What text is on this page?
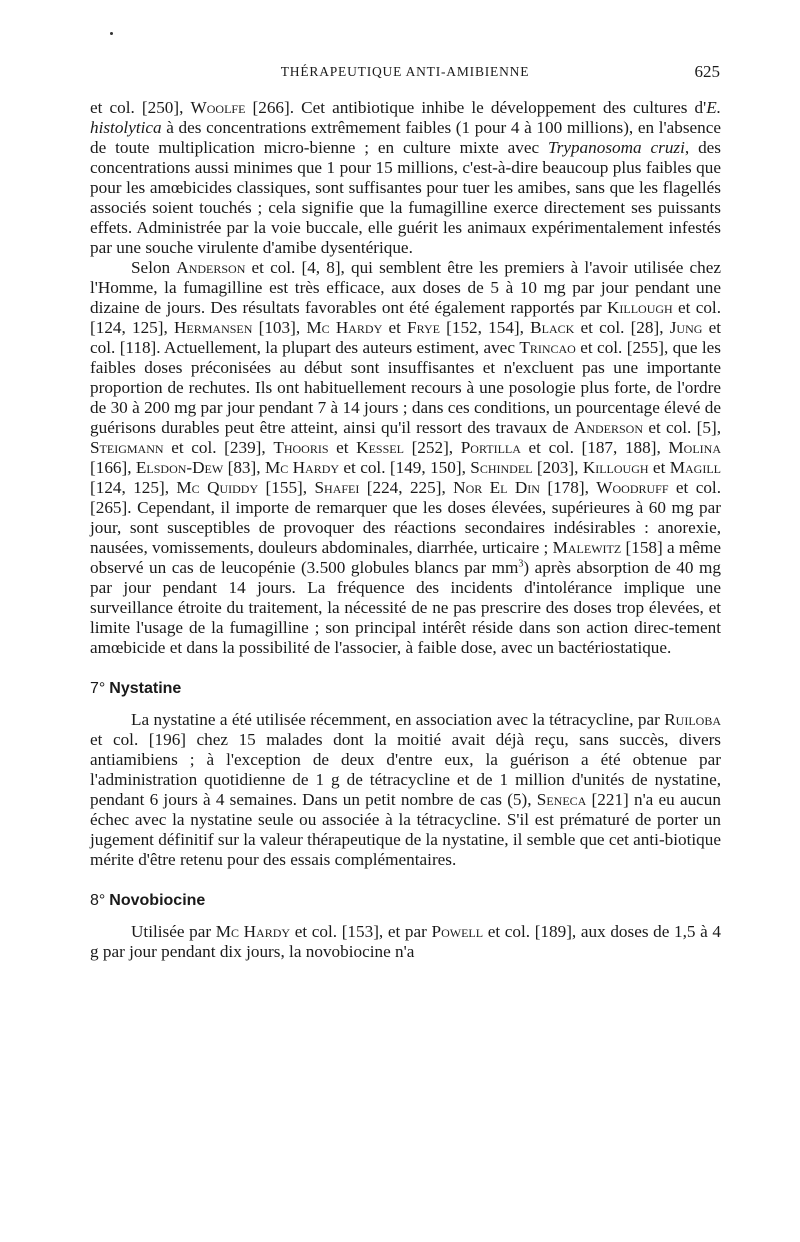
THÉRAPEUTIQUE ANTI-AMIBIENNE	625

et col. [250], Woolfe [266]. Cet antibiotique inhibe le développement des cultures d'E. histolytica à des concentrations extrêmement faibles (1 pour 4 à 100 millions), en l'absence de toute multiplication micro-bienne ; en culture mixte avec Trypanosoma cruzi, des concentrations aussi minimes que 1 pour 15 millions, c'est-à-dire beaucoup plus faibles que pour les amœbicides classiques, sont suffisantes pour tuer les amibes, sans que les flagellés associés soient touchés ; cela signifie que la fumagilline exerce directement ses puissants effets. Administrée par la voie buccale, elle guérit les animaux expérimentalement infestés par une souche virulente d'amibe dysentérique.

Selon Anderson et col. [4, 8], qui semblent être les premiers à l'avoir utilisée chez l'Homme, la fumagilline est très efficace, aux doses de 5 à 10 mg par jour pendant une dizaine de jours. Des résultats favorables ont été également rapportés par Killough et col. [124, 125], Hermansen [103], Mc Hardy et Frye [152, 154], Black et col. [28], Jung et col. [118]. Actuellement, la plupart des auteurs estiment, avec Trincao et col. [255], que les faibles doses préconisées au début sont insuffisantes et n'excluent pas une importante proportion de rechutes. Ils ont habituellement recours à une posologie plus forte, de l'ordre de 30 à 200 mg par jour pendant 7 à 14 jours ; dans ces conditions, un pourcentage élevé de guérisons durables peut être atteint, ainsi qu'il ressort des travaux de Anderson et col. [5], Steigmann et col. [239], Thooris et Kessel [252], Portilla et col. [187, 188], Molina [166], Elsdon-Dew [83], Mc Hardy et col. [149, 150], Schindel [203], Killough et Magill [124, 125], Mc Quiddy [155], Shafei [224, 225], Nor El Din [178], Woodruff et col. [265]. Cependant, il importe de remarquer que les doses élevées, supérieures à 60 mg par jour, sont susceptibles de provoquer des réactions secondaires indésirables : anorexie, nausées, vomissements, douleurs abdominales, diarrhée, urticaire ; Malewitz [158] a même observé un cas de leucopénie (3.500 globules blancs par $mm^3$) après absorption de 40 mg par jour pendant 14 jours. La fréquence des incidents d'intolérance implique une surveillance étroite du traitement, la nécessité de ne pas prescrire des doses trop élevées, et limite l'usage de la fumagilline ; son principal intérêt réside dans son action direc-tement amœbicide et dans la possibilité de l'associer, à faible dose, avec un bactériostatique.

7° Nystatine

La nystatine a été utilisée récemment, en association avec la tétracycline, par Ruiloba et col. [196] chez 15 malades dont la moitié avait déjà reçu, sans succès, divers antiamibiens ; à l'exception de deux d'entre eux, la guérison a été obtenue par l'administration quotidienne de 1 g de tétracycline et de 1 million d'unités de nystatine, pendant 6 jours à 4 semaines. Dans un petit nombre de cas (5), Seneca [221] n'a eu aucun échec avec la nystatine seule ou associée à la tétracycline. S'il est prématuré de porter un jugement définitif sur la valeur thérapeutique de la nystatine, il semble que cet anti-biotique mérite d'être retenu pour des essais complémentaires.

8° Novobiocine

Utilisée par Mc Hardy et col. [153], et par Powell et col. [189], aux doses de 1,5 à 4 g par jour pendant dix jours, la novobiocine n'a
